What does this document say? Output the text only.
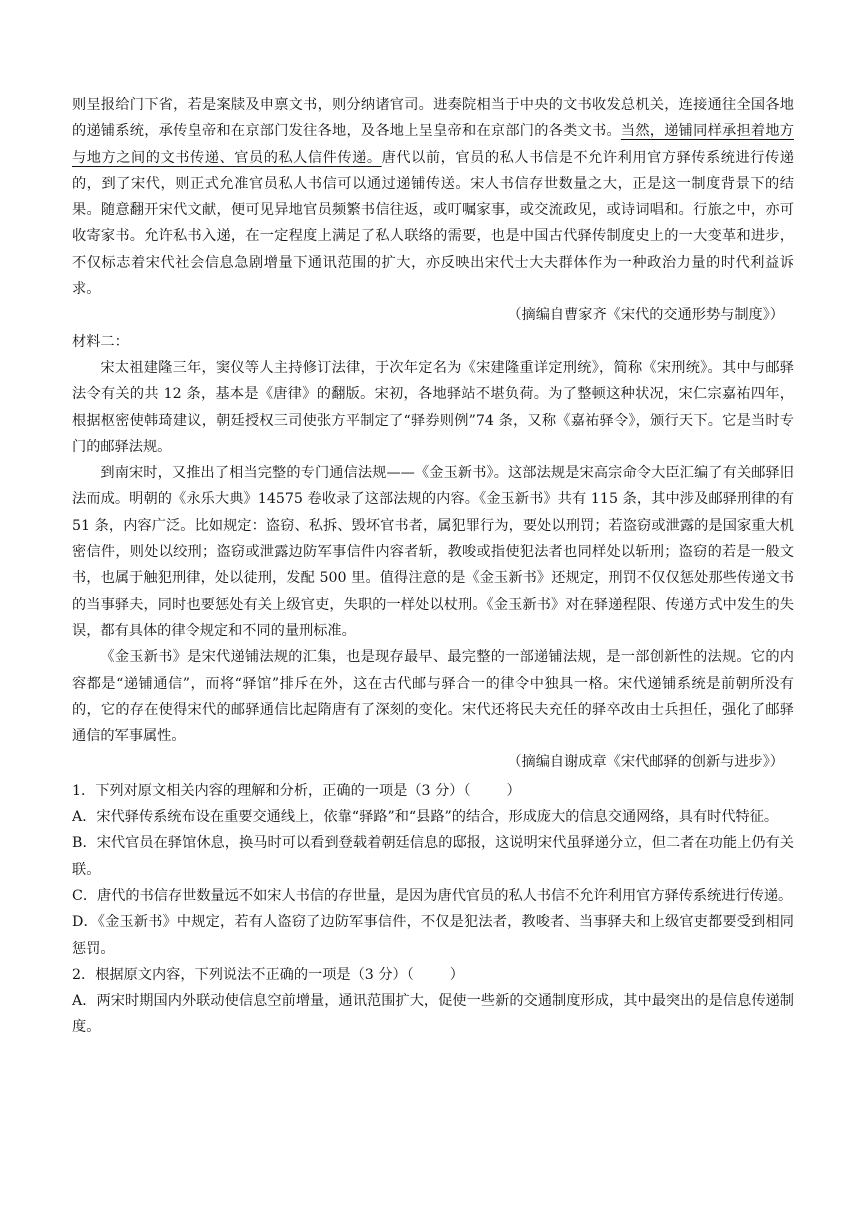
则呈报给门下省，若是案牍及申禀文书，则分纳诸官司。进奏院相当于中央的文书收发总机关，连接通往全国各地的递铺系统，承传皇帝和在京部门发往各地，及各地上呈皇帝和在京部门的各类文书。当然，递铺同样承担着地方与地方之间的文书传递、官员的私人信件传递。唐代以前，官员的私人书信是不允许利用官方驿传系统进行传递的，到了宋代，则正式允准官员私人书信可以通过递铺传送。宋人书信存世数量之大，正是这一制度背景下的结果。随意翻开宋代文献，便可见异地官员频繁书信往返，或叮嘱家事，或交流政见，或诗词唱和。行旅之中，亦可收寄家书。允许私书入递，在一定程度上满足了私人联络的需要，也是中国古代驿传制度史上的一大变革和进步，不仅标志着宋代社会信息急剧增量下通讯范围的扩大，亦反映出宋代士大夫群体作为一种政治力量的时代利益诉求。

（摘编自曹家齐《宋代的交通形势与制度》）

材料二：

宋太祖建隆三年，窦仪等人主持修订法律，于次年定名为《宋建隆重详定刑统》，简称《宋刑统》。其中与邮驿法令有关的共 12 条，基本是《唐律》的翻版。宋初，各地驿站不堪负荷。为了整顿这种状况，宋仁宗嘉祐四年，根据枢密使韩琦建议，朝廷授权三司使张方平制定了“驿券则例”74 条，又称《嘉祐驿令》，颁行天下。它是当时专门的邮驿法规。

到南宋时，又推出了相当完整的专门通信法规——《金玉新书》。这部法规是宋高宗命令大臣汇编了有关邮驿旧法而成。明朝的《永乐大典》14575 卷收录了这部法规的内容。《金玉新书》共有 115 条，其中涉及邮驿刑律的有 51 条，内容广泛。比如规定：盗窃、私拆、毁坏官书者，属犯罪行为，要处以刑罚；若盗窃或泄露的是国家重大机密信件，则处以绞刑；盗窃或泄露边防军事信件内容者斩，教唆或指使犯法者也同样处以斩刑；盗窃的若是一般文书，也属于触犯刑律，处以徒刑，发配 500 里。值得注意的是《金玉新书》还规定，刑罚不仅仅惩处那些传递文书的当事驿夫，同时也要惩处有关上级官吏，失职的一样处以杖刑。《金玉新书》对在驿递程限、传递方式中发生的失误，都有具体的律令规定和不同的量刑标准。

《金玉新书》是宋代递铺法规的汇集，也是现存最早、最完整的一部递铺法规，是一部创新性的法规。它的内容都是“递铺通信”，而将“驿馆”排斥在外，这在古代邮与驿合一的律令中独具一格。宋代递铺系统是前朝所没有的，它的存在使得宋代的邮驿通信比起隋唐有了深刻的变化。宋代还将民夫充任的驿卒改由士兵担任，强化了邮驿通信的军事属性。

（摘编自谢成章《宋代邮驿的创新与进步》）

1．下列对原文相关内容的理解和分析，正确的一项是（3 分）（	）

A．宋代驿传系统布设在重要交通线上，依靠“驿路”和“县路”的结合，形成庞大的信息交通网络，具有时代特征。

B．宋代官员在驿馆休息，换马时可以看到登载着朝廷信息的邸报，这说明宋代虽驿递分立，但二者在功能上仍有关联。

C．唐代的书信存世数量远不如宋人书信的存世量，是因为唐代官员的私人书信不允许利用官方驿传系统进行传递。

D．《金玉新书》中规定，若有人盗窃了边防军事信件，不仅是犯法者，教唆者、当事驿夫和上级官吏都要受到相同惩罚。

2．根据原文内容，下列说法不正确的一项是（3 分）（	）

A．两宋时期国内外联动使信息空前增量，通讯范围扩大，促使一些新的交通制度形成，其中最突出的是信息传递制度。
